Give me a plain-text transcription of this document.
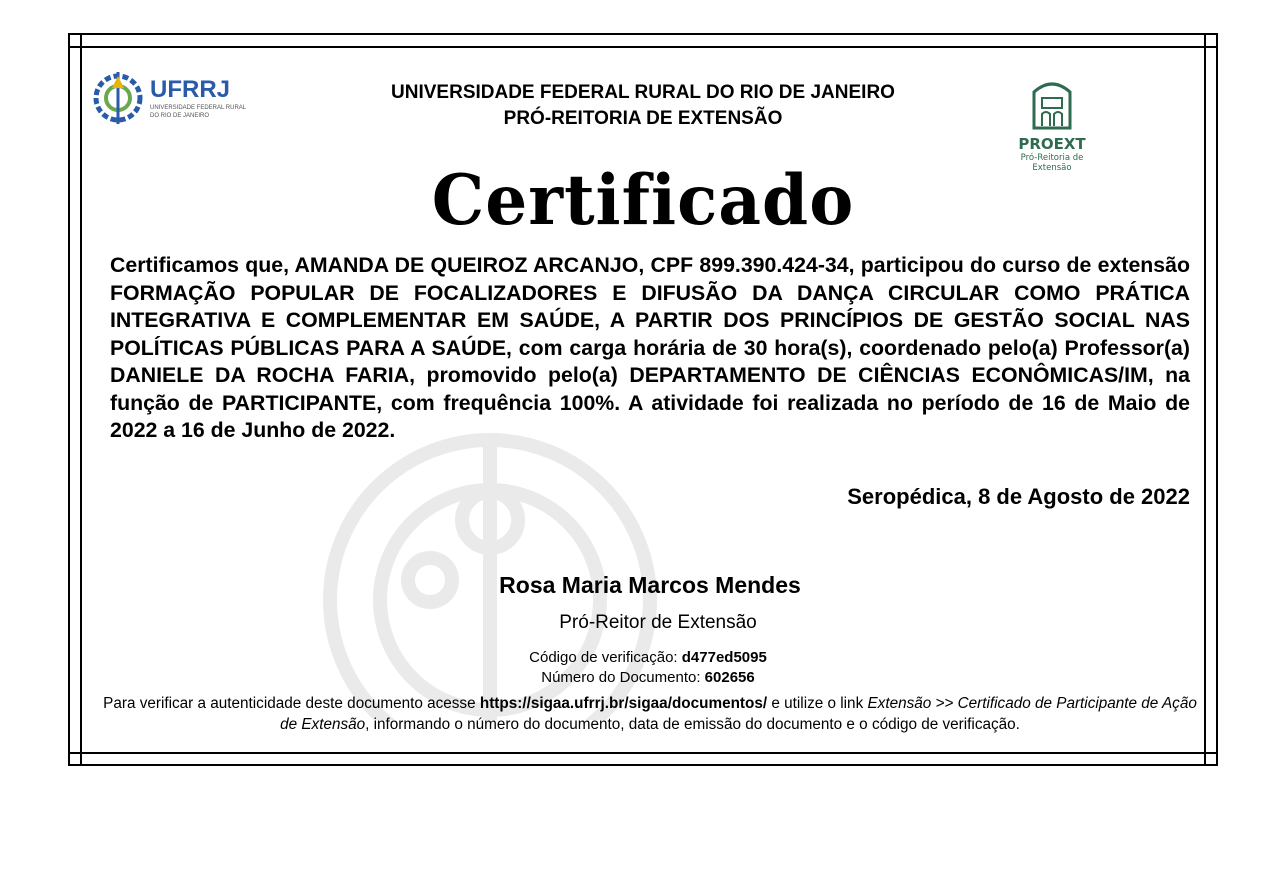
UFRRJ
UNIVERSIDADE FEDERAL RURAL
DO RIO DE JANEIRO
PROEXT
Pró-Reitoria de Extensão
UNIVERSIDADE FEDERAL RURAL DO RIO DE JANEIRO
PRÓ-REITORIA DE EXTENSÃO
Certificado
Certificamos que, AMANDA DE QUEIROZ ARCANJO, CPF 899.390.424-34, participou do curso de extensão FORMAÇÃO POPULAR DE FOCALIZADORES E DIFUSÃO DA DANÇA CIRCULAR COMO PRÁTICA INTEGRATIVA E COMPLEMENTAR EM SAÚDE, A PARTIR DOS PRINCÍPIOS DE GESTÃO SOCIAL NAS POLÍTICAS PÚBLICAS PARA A SAÚDE, com carga horária de 30 hora(s), coordenado pelo(a) Professor(a) DANIELE DA ROCHA FARIA, promovido pelo(a) DEPARTAMENTO DE CIÊNCIAS ECONÔMICAS/IM, na função de PARTICIPANTE, com frequência 100%. A atividade foi realizada no período de 16 de Maio de 2022 a 16 de Junho de 2022.
Seropédica, 8 de Agosto de 2022
Rosa Maria Marcos Mendes
Pró-Reitor de Extensão
Código de verificação: d477ed5095
Número do Documento: 602656
Para verificar a autenticidade deste documento acesse https://sigaa.ufrrj.br/sigaa/documentos/ e utilize o link Extensão >> Certificado de Participante de Ação de Extensão, informando o número do documento, data de emissão do documento e o código de verificação.
